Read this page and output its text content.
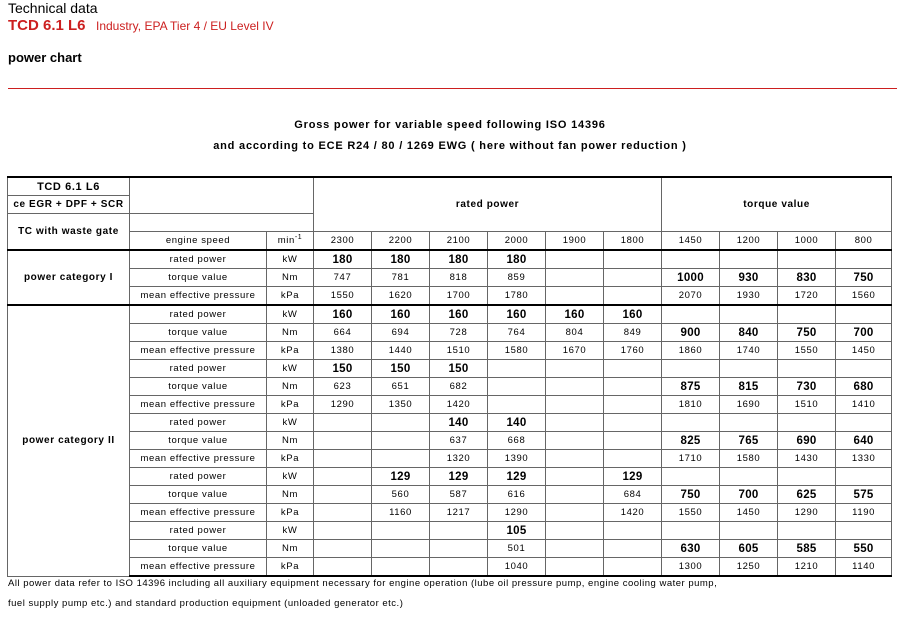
Technical data
TCD 6.1 L6 Industry, EPA Tier 4 / EU Level IV
power chart
Gross power for variable speed following ISO 14396
and according to ECE R24 / 80 / 1269 EWG ( here without fan power reduction )
TCD 6.1 L6			rated power						torque value			
ce EGR + DPF + SCR												
TC with waste gate												
	engine speed	$\min^{-1}$	2300	2200	2100	2000	1900	1800	1450	1200	1000	800
power category I	rated power	kW	180	180	180	180						
	torque value	Nm	747	781	818	859			1000	930	830	750
	mean effective pressure	kPa	1550	1620	1700	1780			2070	1930	1720	1560
power category II	rated power	kW	160	160	160	160	160	160				
	torque value	Nm	664	694	728	764	804	849	900	840	750	700
	mean effective pressure	kPa	1380	1440	1510	1580	1670	1760	1860	1740	1550	1450
	rated power	kW	150	150	150							
	torque value	Nm	623	651	682				875	815	730	680
	mean effective pressure	kPa	1290	1350	1420				1810	1690	1510	1410
	rated power	kW			140	140						
	torque value	Nm			637	668			825	765	690	640
	mean effective pressure	kPa			1320	1390			1710	1580	1430	1330
	rated power	kW		129	129	129		129				
	torque value	Nm		560	587	616		684	750	700	625	575
	mean effective pressure	kPa		1160	1217	1290		1420	1550	1450	1290	1190
	rated power	kW				105						
	torque value	Nm				501			630	605	585	550
	mean effective pressure	kPa				1040			1300	1250	1210	1140
All power data refer to ISO 14396 including all auxiliary equipment necessary for engine operation (lube oil pressure pump, engine cooling water pump,
fuel supply pump etc.) and standard production equipment (unloaded generator etc.)
